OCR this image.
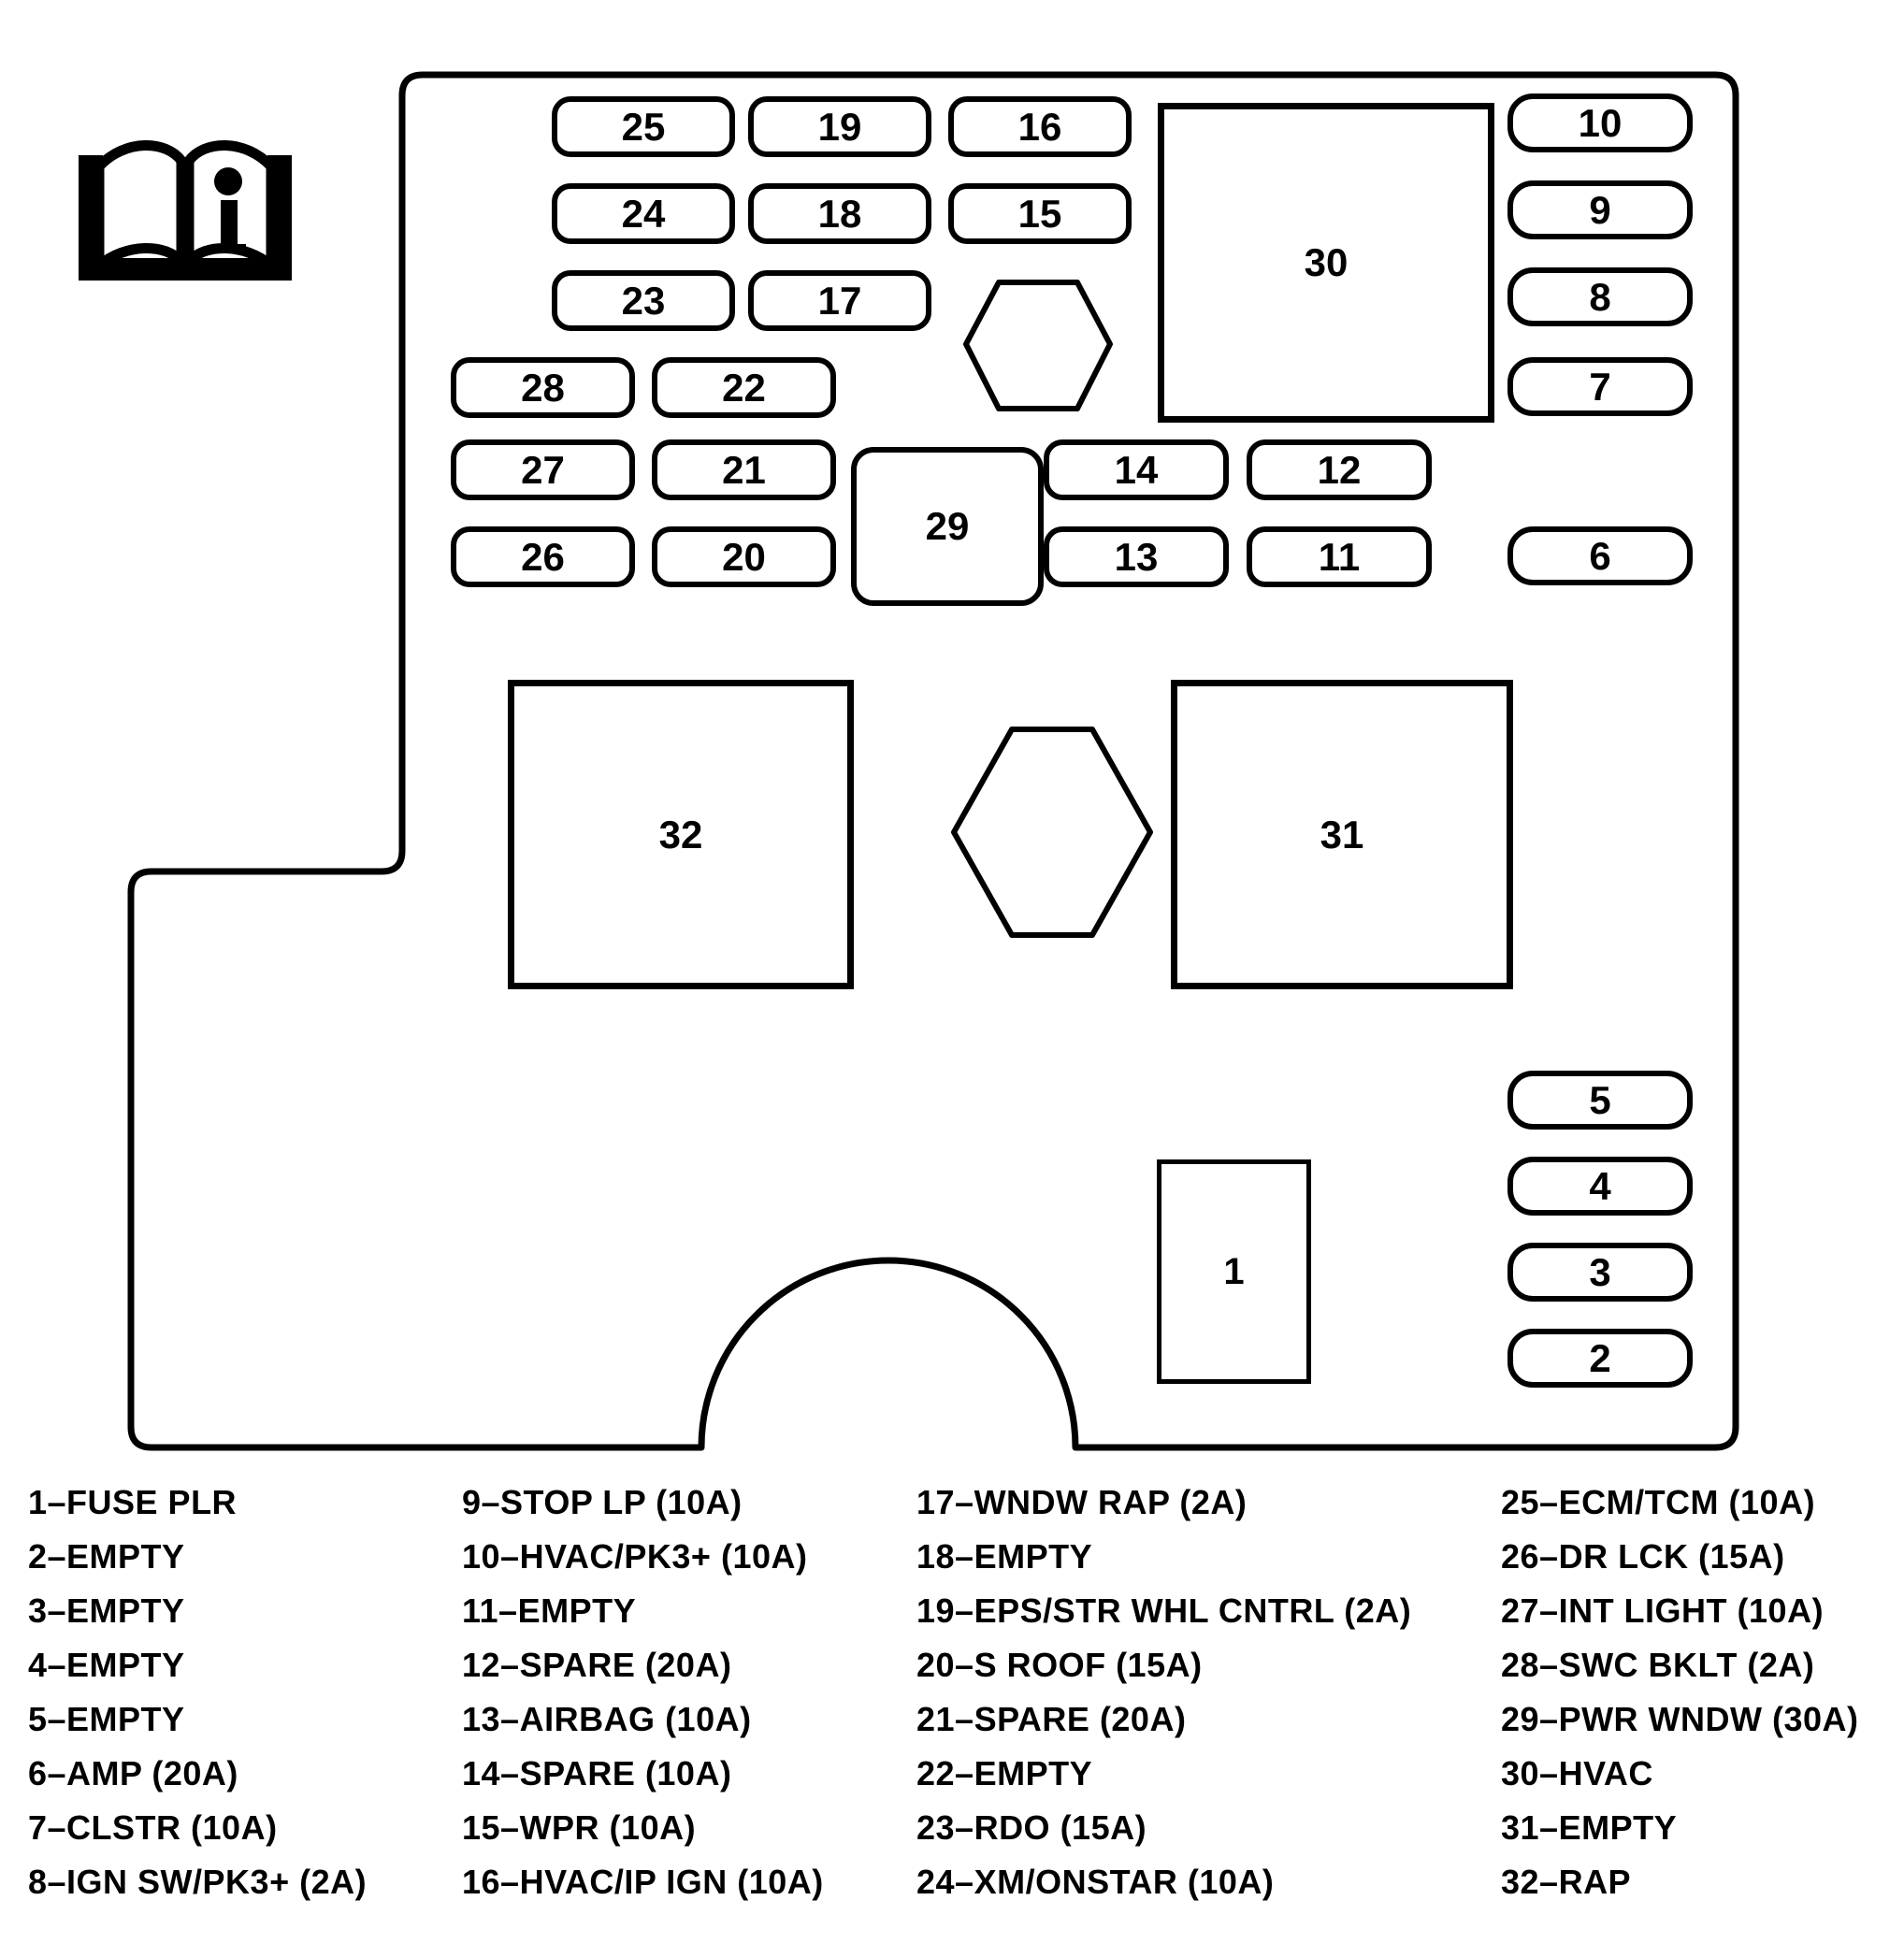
25	19	16
24	18	15
23	17
28	22
27	21
26	20
14	12
13	11
10
9
8
7
6
5
4
3
2
30
29
32	31
1
1–FUSE PLR
2–EMPTY
3–EMPTY
4–EMPTY
5–EMPTY
6–AMP (20A)
7–CLSTR (10A)
8–IGN SW/PK3+ (2A)
9–STOP LP (10A)
10–HVAC/PK3+ (10A)
11–EMPTY
12–SPARE (20A)
13–AIRBAG (10A)
14–SPARE (10A)
15–WPR (10A)
16–HVAC/IP IGN (10A)
17–WNDW RAP (2A)
18–EMPTY
19–EPS/STR WHL CNTRL (2A)
20–S ROOF (15A)
21–SPARE (20A)
22–EMPTY
23–RDO (15A)
24–XM/ONSTAR (10A)
25–ECM/TCM (10A)
26–DR LCK (15A)
27–INT LIGHT (10A)
28–SWC BKLT (2A)
29–PWR WNDW (30A)
30–HVAC
31–EMPTY
32–RAP
